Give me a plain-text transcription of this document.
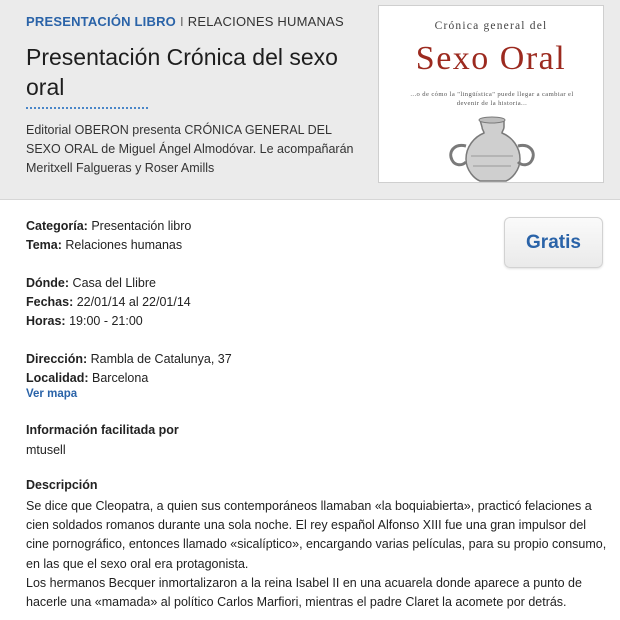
PRESENTACIÓN LIBRO I RELACIONES HUMANAS
Presentación Crónica del sexo oral

Editorial OBERON presenta CRÓNICA GENERAL DEL SEXO ORAL de Miguel Ángel Almodóvar. Le acompañarán Meritxell Falgueras y Roser Amills

Crónica general del
Sexo Oral
...o de cómo la "lingüística" puede llegar a cambiar el devenir de la historia...
Gratis
Categoría: Presentación libro
Tema: Relaciones humanas
Dónde: Casa del Llibre
Fechas: 22/01/14 al 22/01/14
Horas: 19:00 - 21:00
Dirección: Rambla de Catalunya, 37
Localidad: Barcelona
Ver mapa
Información facilitada por
mtusell
Descripción

Se dice que Cleopatra, a quien sus contemporáneos llamaban «la boquiabierta», practicó felaciones a cien soldados romanos durante una sola noche. El rey español Alfonso XIII fue una gran impulsor del cine pornográfico, entonces llamado «sicalíptico», encargando varias películas, para su propio consumo, en las que el sexo oral era protagonista.

Los hermanos Becquer inmortalizaron a la reina Isabel II en una acuarela donde aparece a punto de hacerle una «mamada» al político Carlos Marfiori, mientras el padre Claret la acomete por detrás.
